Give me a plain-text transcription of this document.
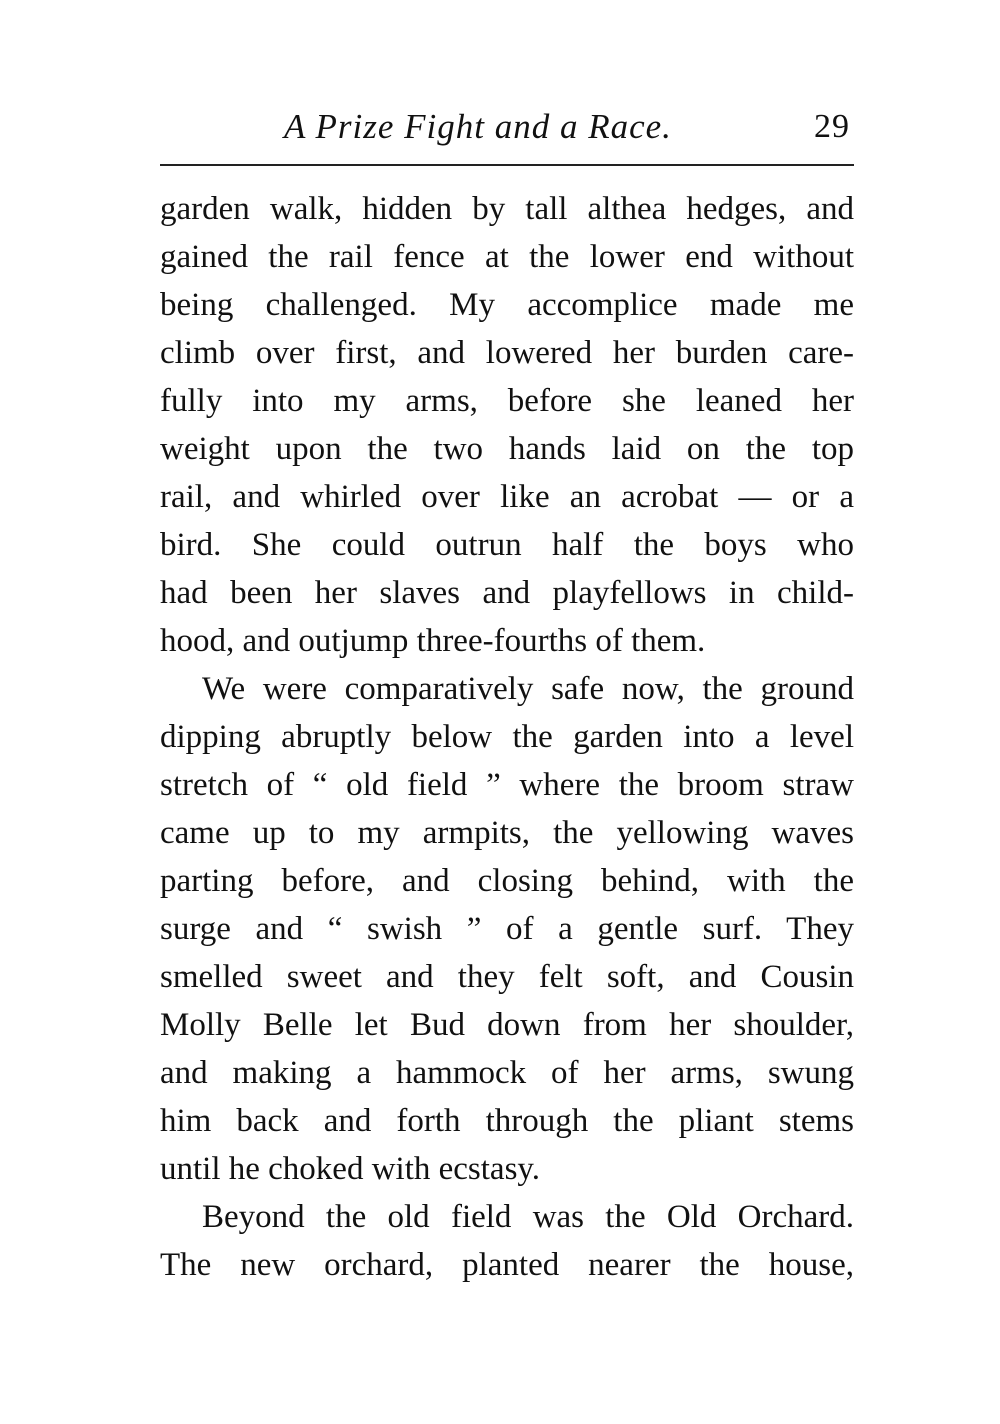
A Prize Fight and a Race.	29
garden walk, hidden by tall althea hedges, and
gained the rail fence at the lower end without
being challenged. My accomplice made me
climb over first, and lowered her burden care-
fully into my arms, before she leaned her
weight upon the two hands laid on the top
rail, and whirled over like an acrobat — or a
bird. She could outrun half the boys who
had been her slaves and playfellows in child-
hood, and outjump three-fourths of them.
We were comparatively safe now, the ground
dipping abruptly below the garden into a level
stretch of “ old field ” where the broom straw
came up to my armpits, the yellowing waves
parting before, and closing behind, with the
surge and “ swish ” of a gentle surf. They
smelled sweet and they felt soft, and Cousin
Molly Belle let Bud down from her shoulder,
and making a hammock of her arms, swung
him back and forth through the pliant stems
until he choked with ecstasy.
Beyond the old field was the Old Orchard.
The new orchard, planted nearer the house,
